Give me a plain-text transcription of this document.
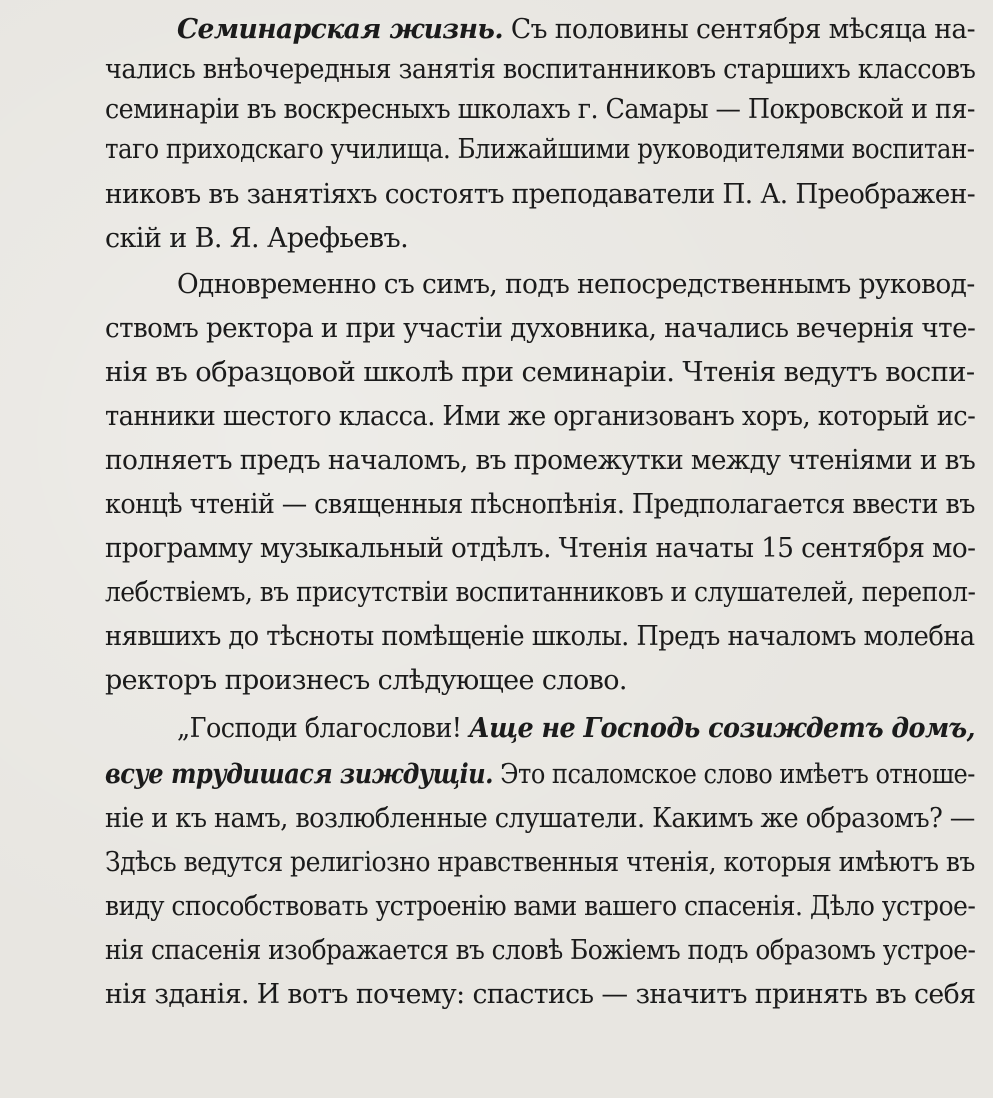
Семинарская жизнь. Съ половины сентября мѣсяца на-
чались внѣочередныя занятія воспитанниковъ старшихъ классовъ
семинаріи въ воскресныхъ школахъ г. Самары — Покровской и пя-
таго приходскаго училища. Ближайшими руководителями воспитан-
никовъ въ занятіяхъ состоятъ преподаватели П. А. Преображен-
скій и В. Я. Арефьевъ.
Одновременно съ симъ, подъ непосредственнымъ руковод-
ствомъ ректора и при участіи духовника, начались вечернія чте-
нія въ образцовой школѣ при семинаріи. Чтенія ведутъ воспи-
танники шестого класса. Ими же организованъ хоръ, который ис-
полняетъ предъ началомъ, въ промежутки между чтеніями и въ
концѣ чтеній — священныя пѣснопѣнія. Предполагается ввести въ
программу музыкальный отдѣлъ. Чтенія начаты 15 сентября мо-
лебствіемъ, въ присутствіи воспитанниковъ и слушателей, перепол-
нявшихъ до тѣсноты помѣщеніе школы. Предъ началомъ молебна
ректоръ произнесъ слѣдующее слово.
„Господи благослови! Аще не Господь созиждетъ домъ,
всуе трудишася зиждущіи. Это псаломское слово имѣетъ отноше-
ніе и къ намъ, возлюбленные слушатели. Какимъ же образомъ? —
Здѣсь ведутся религіозно нравственныя чтенія, которыя имѣютъ въ
виду способствовать устроенію вами вашего спасенія. Дѣло устрое-
нія спасенія изображается въ словѣ Божіемъ подъ образомъ устрое-
нія зданія. И вотъ почему: спастись — значитъ принять въ себя
